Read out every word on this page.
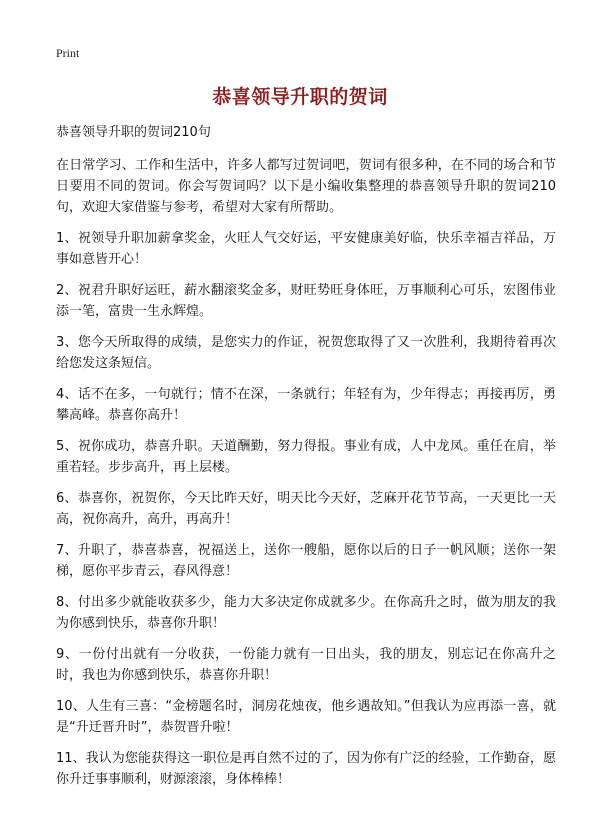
Print
恭喜领导升职的贺词

恭喜领导升职的贺词210句

在日常学习、工作和生活中，许多人都写过贺词吧，贺词有很多种，在不同的场合和节日要用不同的贺词。你会写贺词吗？以下是小编收集整理的恭喜领导升职的贺词210句，欢迎大家借鉴与参考，希望对大家有所帮助。

1、祝领导升职加薪拿奖金，火旺人气交好运，平安健康美好临，快乐幸福吉祥品，万事如意皆开心！

2、祝君升职好运旺，薪水翻滚奖金多，财旺势旺身体旺，万事顺利心可乐，宏图伟业添一笔，富贵一生永辉煌。

3、您今天所取得的成绩，是您实力的作证，祝贺您取得了又一次胜利，我期待着再次给您发这条短信。

4、话不在多，一句就行；情不在深，一条就行；年轻有为，少年得志；再接再厉，勇攀高峰。恭喜你高升！

5、祝你成功，恭喜升职。天道酬勤，努力得报。事业有成，人中龙凤。重任在肩，举重若轻。步步高升，再上层楼。

6、恭喜你，祝贺你，今天比昨天好，明天比今天好，芝麻开花节节高，一天更比一天高，祝你高升，高升，再高升！

7、升职了，恭喜恭喜，祝福送上，送你一艘船，愿你以后的日子一帆风顺；送你一架梯，愿你平步青云，春风得意！

8、付出多少就能收获多少，能力大多决定你成就多少。在你高升之时，做为朋友的我为你感到快乐，恭喜你升职！

9、一份付出就有一分收获，一份能力就有一日出头，我的朋友，别忘记在你高升之时，我也为你感到快乐，恭喜你升职！

10、人生有三喜：“金榜题名时，洞房花烛夜，他乡遇故知。”但我认为应再添一喜，就是“升迁晋升时”，恭贺晋升啦！

11、我认为您能获得这一职位是再自然不过的了，因为你有广泛的经验，工作勤奋，愿你升迁事事顺利，财源滚滚，身体棒棒！
